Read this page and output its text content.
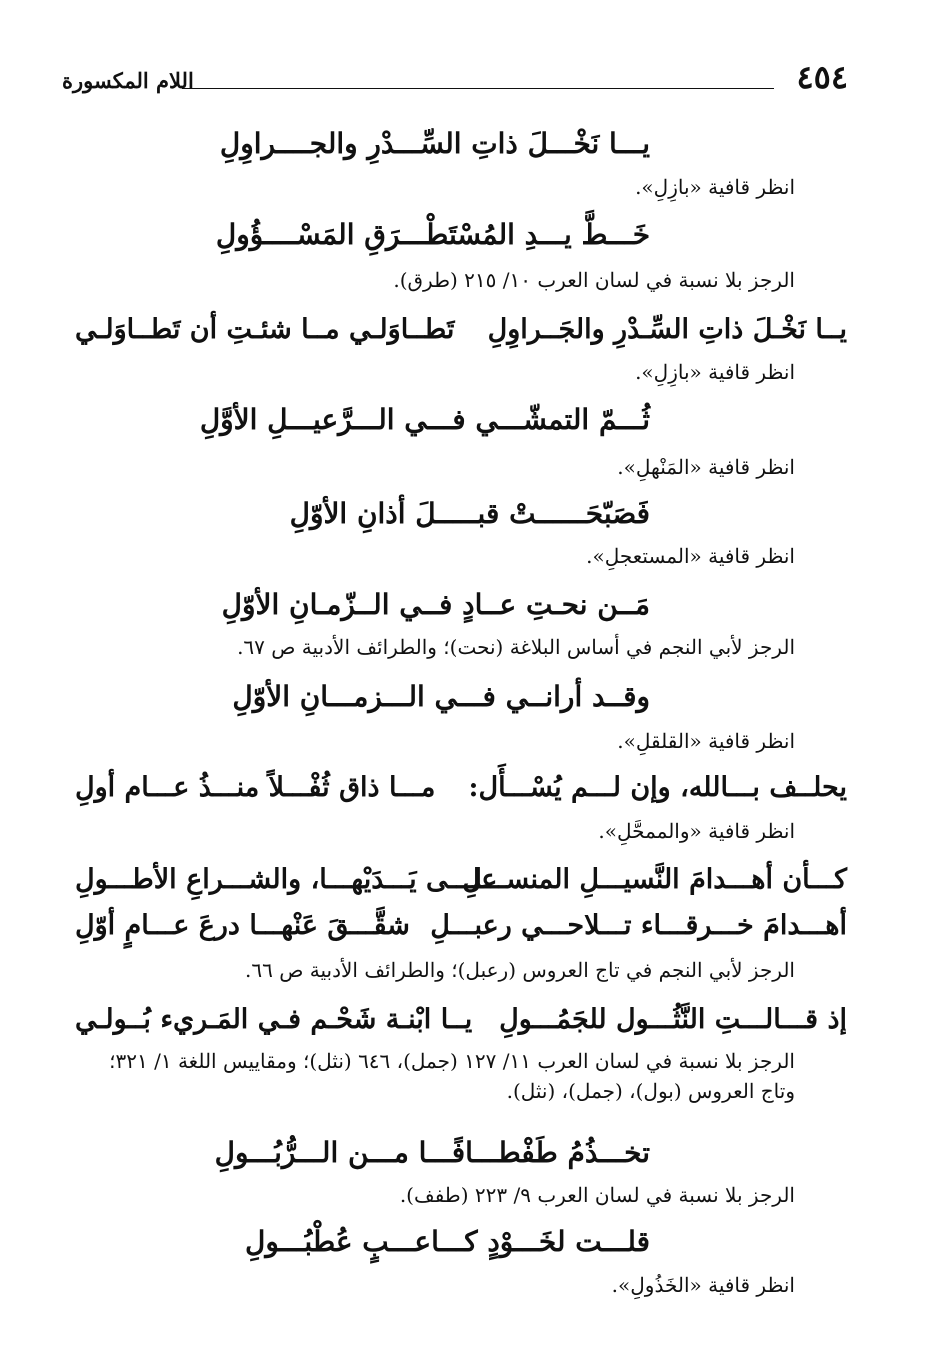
٤٥٤
اللام المكسورة
يـــا نَخْـــلَ ذاتِ السِّـــدْرِ والجــــراوِلِ
انظر قافية «بازِلِ».
خَـــطَّ يـــدِ المُسْتَطْـــرَقِ المَسْــــؤُولِ
الرجز بلا نسبة في لسان العرب ١٠/ ٢١٥ (طرق).
يــا نَخْـلَ ذاتِ السِّـدْرِ والجَــراوِلِ
تَطــاوَلـي مــا شئـتِ أن تَطــاوَلـي
انظر قافية «بازِلِ».
ثُـــمّ التمشّـــي فـــي الـــرَّعيـــلِ الأوَّلِ
انظر قافية «المَنْهلِ».
فَصَبّحَــــــتْ قبـــــلَ أذانِ الأوّلِ
انظر قافية «المستعجلِ».
مَــن نحـتِ عــادٍ فــي الــزّمـانِ الأوّلِ
الرجز لأبي النجم في أساس البلاغة (نحت)؛ والطرائف الأدبية ص ٦٧.
وقــد أرانــي فـــي الـــزمـــانِ الأوّلِ
انظر قافية «القلقلِ».
يحلــف بـــالله، وإن لـــم يُسْـــأَل:
مـــا ذاق ثُفْـــلاً منـــذُ عـــام أولِ
انظر قافية «والممحَّلِ».
كـــأن أهـــدامَ النَّسيـــلِ المنســـلِ
علـــى يَـــدَيْهـــا، والشـــراعِ الأطـــولِ
أهـــدامَ خـــرقـــاء تـــلاحـــي رعبـــلِ
شقَّـــقَ عَنْهـــا درعَ عـــامٍ أوّلِ
الرجز لأبي النجم في تاج العروس (رعبل)؛ والطرائف الأدبية ص ٦٦.
إذ قـــالـــتِ النَّثُـــول للجَمُـــولِ
يــا ابْنـة شَحْـم فـي المَـريء بُــولـي
الرجز بلا نسبة في لسان العرب ١١/ ١٢٧ (جمل)، ٦٤٦ (نثل)؛ ومقاييس اللغة ١/ ٣٢١؛ وتاج العروس (بول)، (جمل)، (نثل).
تخـــذُمُ طَفْطـــافًـــا مـــن الـــرُّبُـــولِ
الرجز بلا نسبة في لسان العرب ٩/ ٢٢٣ (طفف).
قلـــت لخَـــوْدٍ كـــاعـــبٍ عُطْبُـــولِ
انظر قافية «الخَذُولِ».
